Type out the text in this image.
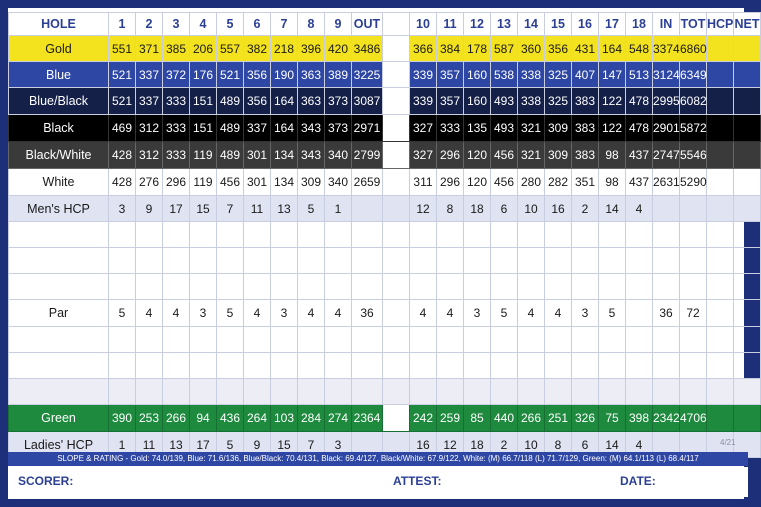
HOLE	1	2	3	4	5	6	7	8	9	OUT		10	11	12	13	14	15	16	17	18	IN	TOT	HCP	NET
Gold	551	371	385	206	557	382	218	396	420	3486		366	384	178	587	360	356	431	164	548	3374	6860		
Blue	521	337	372	176	521	356	190	363	389	3225		339	357	160	538	338	325	407	147	513	3124	6349		
Blue/Black	521	337	333	151	489	356	164	363	373	3087		339	357	160	493	338	325	383	122	478	2995	6082		
Black	469	312	333	151	489	337	164	343	373	2971		327	333	135	493	321	309	383	122	478	2901	5872		
Black/White	428	312	333	119	489	301	134	343	340	2799		327	296	120	456	321	309	383	98	437	2747	5546		
White	428	276	296	119	456	301	134	309	340	2659		311	296	120	456	280	282	351	98	437	2631	5290		
Men's HCP	3	9	17	15	7	11	13	5	1			12	8	18	6	10	16	2	14	4				

Par	5	4	4	3	5	4	3	4	4	36		4	4	3	5	4	4	3	5		36	72		

Green	390	253	266	94	436	264	103	284	274	2364		242	259	85	440	266	251	326	75	398	2342	4706		
Ladies' HCP	1	11	13	17	5	9	15	7	3			16	12	18	2	10	8	6	14	4					4/21
SLOPE & RATING - Gold: 74.0/139, Blue: 71.6/136, Blue/Black: 70.4/131, Black: 69.4/127, Black/White: 67.9/122, White: (M) 66.7/118 (L) 71.7/129, Green: (M) 64.1/113 (L) 68.4/117
SCORER:	ATTEST:	DATE:
